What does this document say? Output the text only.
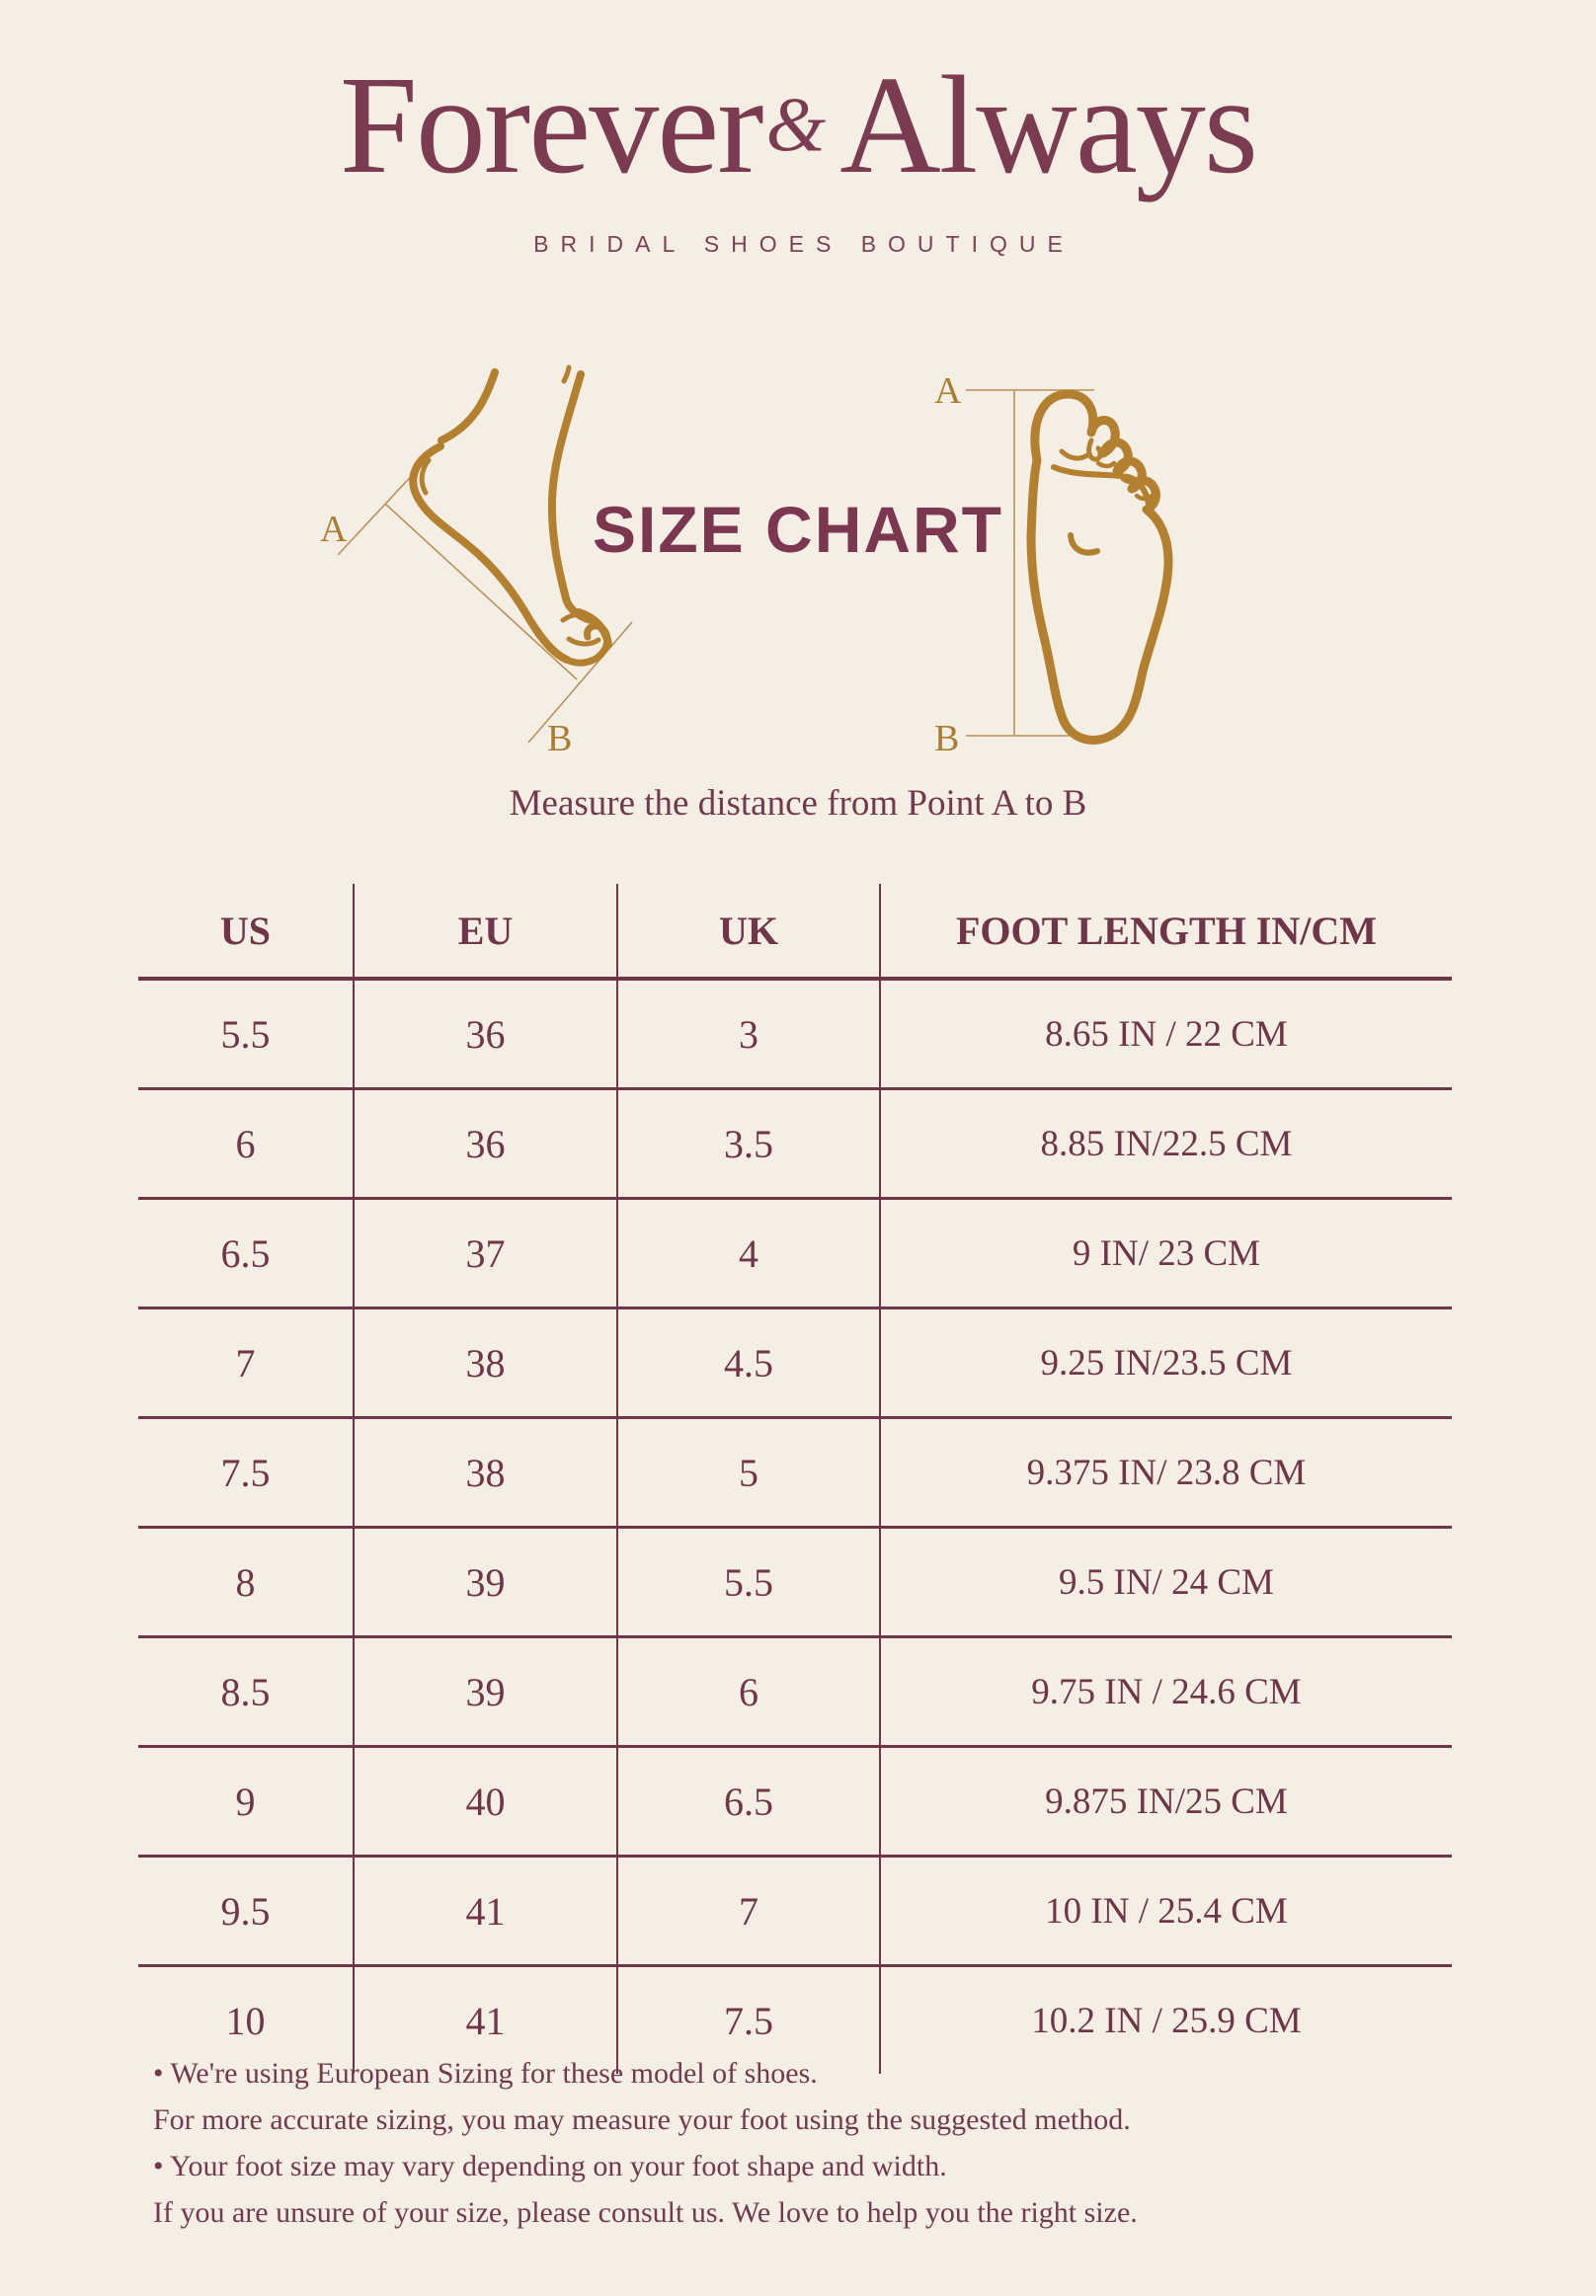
Forever& Always
BRIDAL SHOES BOUTIQUE
A
B
SIZE CHART
A
B
Measure the distance from Point A to B
US	EU	UK	FOOT LENGTH IN/CM
5.5	36	3	8.65 IN / 22 CM
6	36	3.5	8.85 IN/22.5 CM
6.5	37	4	9 IN/ 23 CM
7	38	4.5	9.25 IN/23.5 CM
7.5	38	5	9.375 IN/ 23.8 CM
8	39	5.5	9.5 IN/ 24 CM
8.5	39	6	9.75 IN / 24.6 CM
9	40	6.5	9.875 IN/25 CM
9.5	41	7	10 IN / 25.4 CM
10	41	7.5	10.2 IN / 25.9 CM

• We're using European Sizing for these model of shoes.

For more accurate sizing, you may measure your foot using the suggested method.

• Your foot size may vary depending on your foot shape and width.

If you are unsure of your size, please consult us. We love to help you the right size.
